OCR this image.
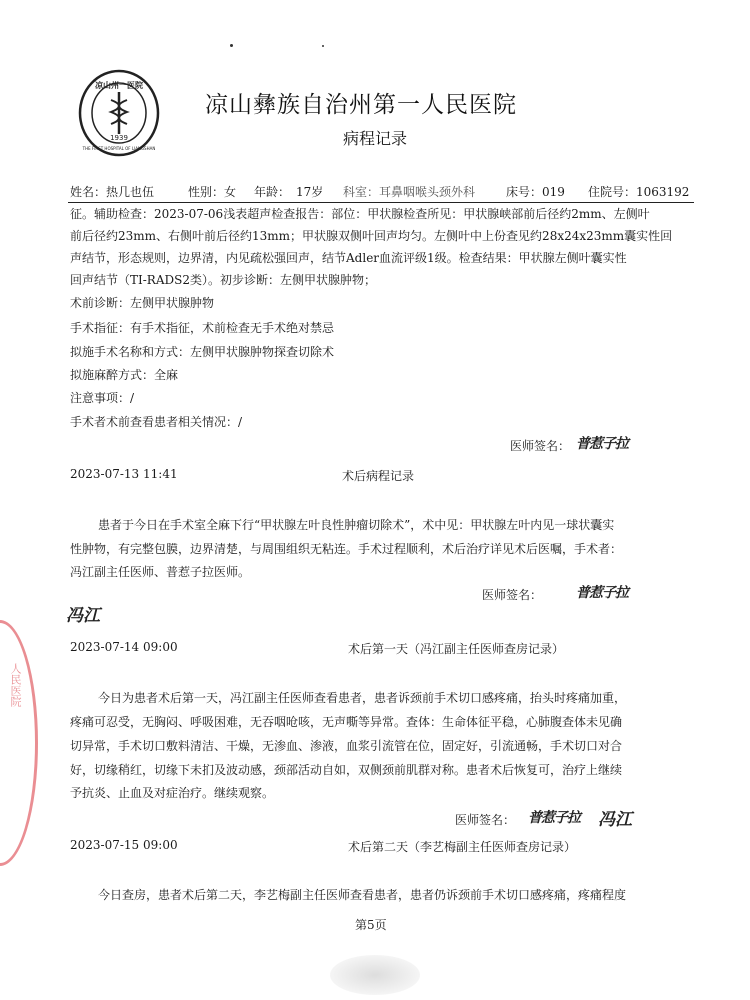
凉山州一医院
THE FIRST HOSPITAL OF LIANGSHAN
1939
凉山彝族自治州第一人民医院
病程记录
姓名：热几也伍	性别：女 年龄：　17岁 科室：耳鼻咽喉头颈外科	床号：019 住院号：1063192
征。辅助检查：2023-07-06浅表超声检查报告：部位：甲状腺检查所见：甲状腺峡部前后径约2mm、左侧叶
前后径约23mm、右侧叶前后径约13mm；甲状腺双侧叶回声均匀。左侧叶中上份查见约28x24x23mm囊实性回
声结节，形态规则，边界清，内见疏松强回声，结节Adler血流评级1级。检查结果：甲状腺左侧叶囊实性
回声结节（TI-RADS2类）。初步诊断：左侧甲状腺肿物；
术前诊断：左侧甲状腺肿物
手术指征：有手术指征，术前检查无手术绝对禁忌
拟施手术名称和方式：左侧甲状腺肿物探查切除术
拟施麻醉方式：全麻
注意事项：/
手术者术前查看患者相关情况：/
医师签名： 普惹子拉
2023-07-13 11:41	术后病程记录
患者于今日在手术室全麻下行“甲状腺左叶良性肿瘤切除术”，术中见：甲状腺左叶内见一球状囊实
性肿物，有完整包膜，边界清楚，与周围组织无粘连。手术过程顺利，术后治疗详见术后医嘱，手术者：
冯江副主任医师、普惹子拉医师。
医师签名： 普惹子拉
冯江
2023-07-14 09:00	术后第一天（冯江副主任医师查房记录）
今日为患者术后第一天，冯江副主任医师查看患者，患者诉颈前手术切口感疼痛，抬头时疼痛加重，
疼痛可忍受，无胸闷、呼吸困难，无吞咽呛咳，无声嘶等异常。查体：生命体征平稳，心肺腹查体未见确
切异常，手术切口敷料清洁、干燥，无渗血、渗液，血浆引流管在位，固定好，引流通畅，手术切口对合
好，切缘稍红，切缘下未扪及波动感，颈部活动自如，双侧颈前肌群对称。患者术后恢复可，治疗上继续
予抗炎、止血及对症治疗。继续观察。
医师签名： 普惹子拉 冯江
2023-07-15 09:00	术后第二天（李艺梅副主任医师查房记录）
今日查房，患者术后第二天，李艺梅副主任医师查看患者，患者仍诉颈前手术切口感疼痛，疼痛程度
人民医院
第5页
